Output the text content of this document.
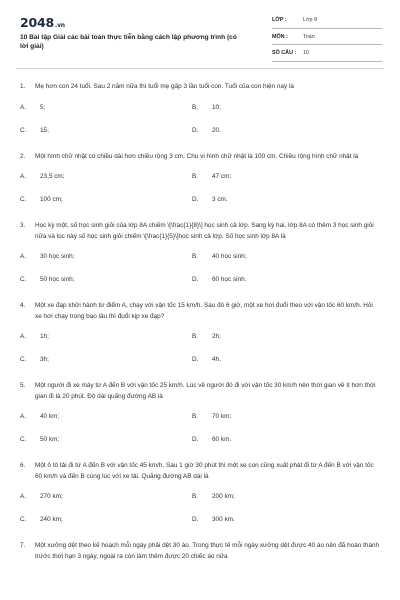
2048.vn
10 Bài tập Giải các bài toán thực tiễn bằng cách lập phương trình (có lời giải)
LỚP :	Lớp 8
MÔN :	Toán
SỐ CÂU : 10
1. Mẹ hơn con 24 tuổi. Sau 2 năm nữa thì tuổi mẹ gấp 3 lần tuổi con. Tuổi của con hiện nay là
A. 5;	B. 10;
C. 15;	D. 20.
2. Một hình chữ nhật có chiều dài hơn chiều rộng 3 cm. Chu vi hình chữ nhật là 100 cm. Chiều rộng hình chữ nhật là
A. 23,5 cm;	B. 47 cm;
C. 100 cm;	D. 3 cm.
3. Học kỳ một, số học sinh giỏi của lớp 8A chiếm \[\frac{1}{8}\] học sinh cả lớp. Sang kỳ hai, lớp 8A có thêm 3 học sinh giỏi nữa và lúc này số học sinh giỏi chiếm \[\frac{1}{5}\]học sinh cả lớp. Số học sinh lớp 8A là
A. 30 học sinh;	B. 40 học sinh;
C. 50 học sinh;	D. 60 học sinh.
4. Một xe đạp khởi hành từ điểm A, chạy với vận tốc 15 km/h. Sau đó 6 giờ, một xe hơi đuổi theo với vận tốc 60 km/h. Hỏi xe hơi chạy trong bao lâu thì đuổi kịp xe đạp?
A. 1h;	B. 2h;
C. 3h;	D. 4h.
5. Một người đi xe máy từ A đến B với vận tốc 25 km/h. Lúc về người đó đi với vận tốc 30 km/h nên thời gian về ít hơn thời gian đi là 20 phút. Độ dài quãng đường AB là
A. 40 km;	B. 70 km;
C. 50 km;	D. 60 km.
6. Một ô tô tải đi từ A đến B với vận tốc 45 km/h. Sau 1 giờ 30 phút thì một xe con cũng xuất phát đi từ A đến B với vận tốc 60 km/h và đến B cùng lúc với xe tải. Quãng đường AB dài là
A. 270 km;	B. 200 km;
C. 240 km;	D. 300 km.
7. Một xưởng dệt theo kế hoạch mỗi ngày phải dệt 30 áo. Trong thực tế mỗi ngày xưởng dệt được 40 áo nên đã hoàn thành trước thời hạn 3 ngày, ngoài ra còn làm thêm được 20 chiếc áo nữa
